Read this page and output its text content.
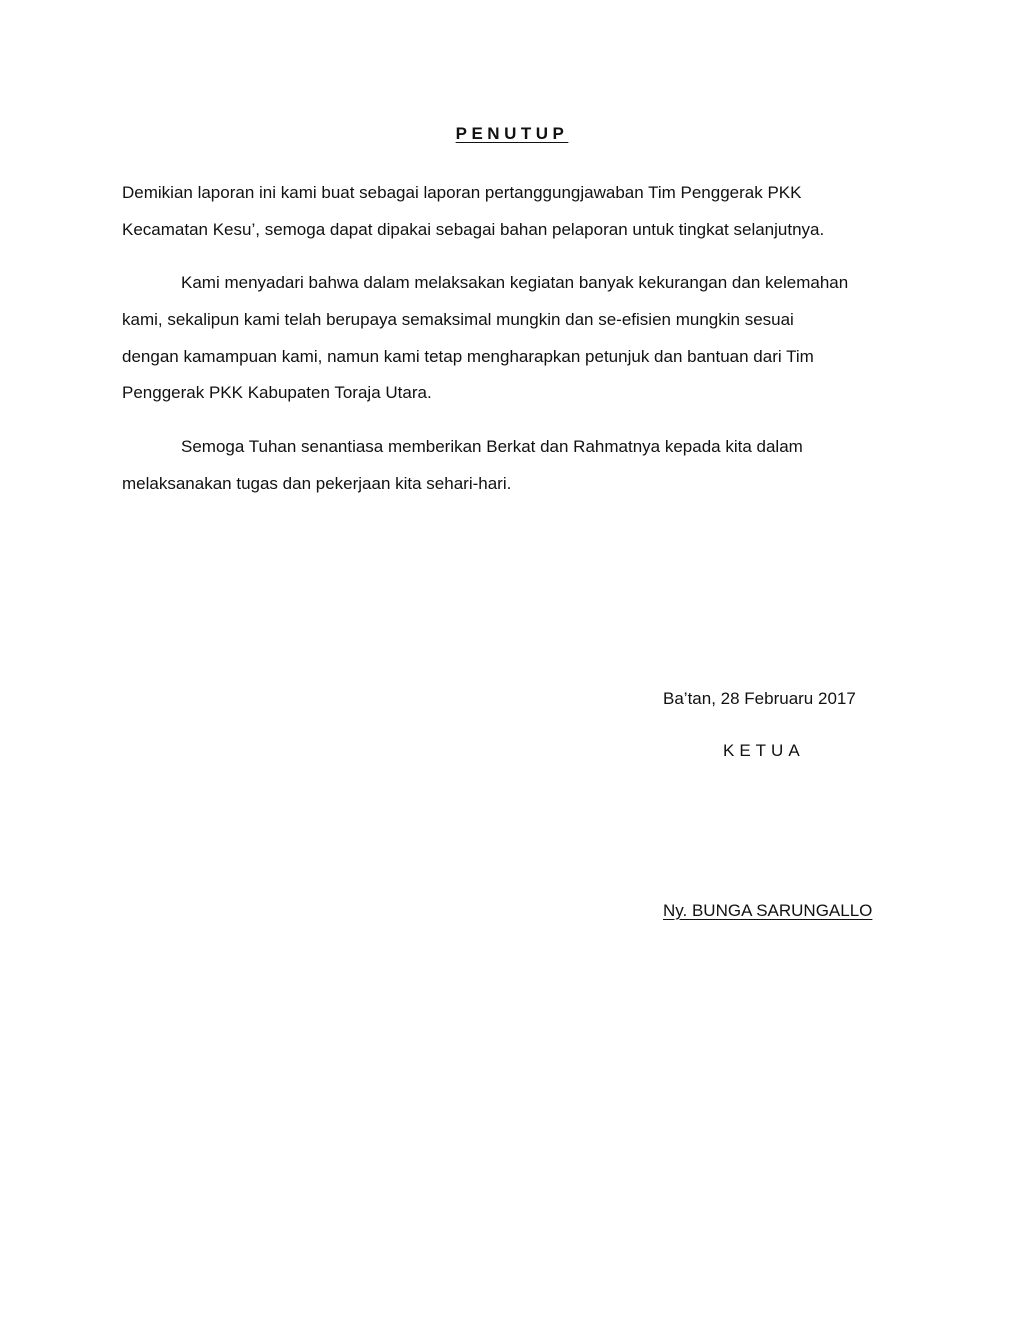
PENUTUP
Demikian laporan ini kami buat sebagai laporan pertanggungjawaban Tim Penggerak PKK
Kecamatan Kesu’, semoga dapat dipakai sebagai bahan pelaporan untuk tingkat selanjutnya.
Kami menyadari bahwa dalam melaksakan kegiatan banyak kekurangan dan kelemahan
kami, sekalipun kami telah berupaya semaksimal mungkin dan se-efisien mungkin sesuai
dengan kamampuan kami, namun kami tetap mengharapkan petunjuk dan bantuan dari Tim
Penggerak PKK Kabupaten Toraja Utara.
Semoga Tuhan senantiasa memberikan Berkat dan Rahmatnya kepada kita dalam
melaksanakan tugas dan pekerjaan kita sehari-hari.
Ba’tan, 28 Februaru 2017
KETUA
Ny. BUNGA SARUNGALLO
